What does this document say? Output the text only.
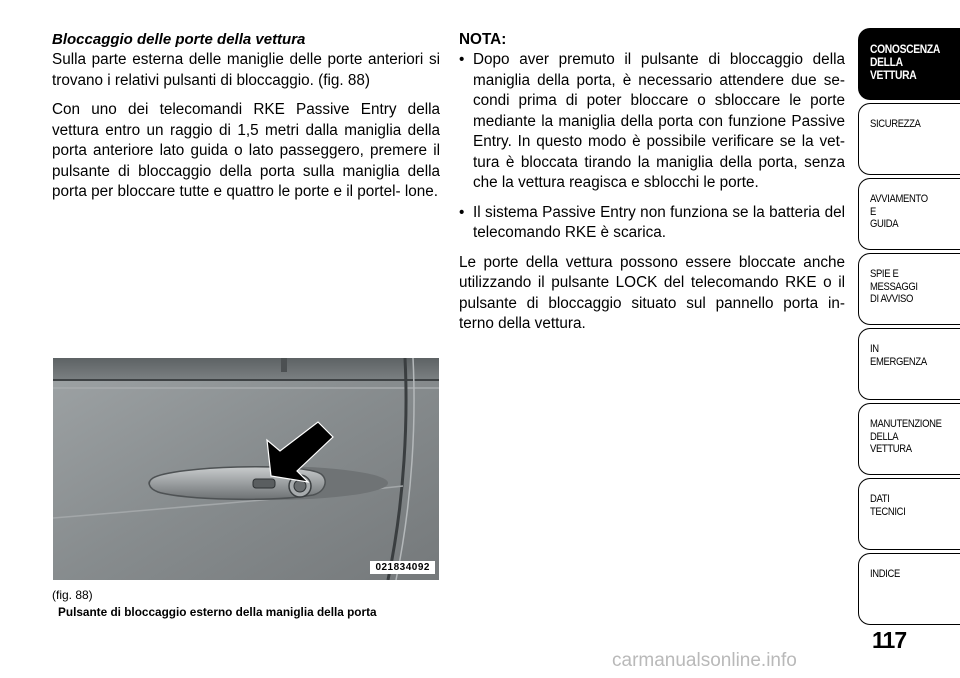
Bloccaggio delle porte della vettura

Sulla parte esterna delle maniglie delle porte anteriori si trovano i relativi pulsanti di bloccaggio. (fig. 88)

Con uno dei telecomandi RKE Passive Entry della vettura entro un raggio di 1,5 metri dalla maniglia della porta anteriore lato guida o lato passeggero, premere il pulsante di bloccaggio della porta sulla maniglia della porta per bloccare tutte e quattro le porte e il portel- lone.

NOTA:

• Dopo aver premuto il pulsante di bloccaggio della maniglia della porta, è necessario attendere due se- condi prima di poter bloccare o sbloccare le porte mediante la maniglia della porta con funzione Passive Entry. In questo modo è possibile verificare se la vet- tura è bloccata tirando la maniglia della porta, senza che la vettura reagisca e sblocchi le porte.
• Il sistema Passive Entry non funziona se la batteria del telecomando RKE è scarica.

Le porte della vettura possono essere bloccate anche utilizzando il pulsante LOCK del telecomando RKE o il pulsante di bloccaggio situato sul pannello porta in- terno della vettura.

021834092
(fig. 88)
Pulsante di bloccaggio esterno della maniglia della porta
CONOSCENZA
DELLA
VETTURA
SICUREZZA
AVVIAMENTO
E
GUIDA
SPIE E
MESSAGGI
DI AVVISO
IN
EMERGENZA
MANUTENZIONE
DELLA
VETTURA
DATI
TECNICI
INDICE
117
carmanualsonline.info
